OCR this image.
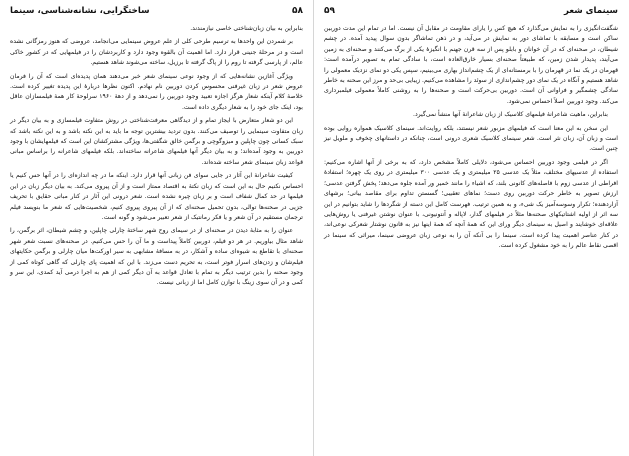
۵۸
ساختگرایی، نشانه‌شناسی، سینما

بنابراین به بیان زبان‌شناختی خاصی نیازمندند.

بر شمردن این واحدها به ترسیم طرحی کلی از علم عروض سینمایی می‌انجامد، عروضی که هنوز رمزگانی نشده است و در مرحلهٔ جنینی قرار دارد. اما اهمیت آن بالقوه وجود دارد و کاربردشان را در فیلمهایی که در کشور خاکی عالم، از پارسی گرفته تا روم را از پاگ گرفته تا برزیل، ساخته می‌شوند شاهد هستیم.

ویژگی آغازین نشانه‌هایی که از وجود نوعی سینمای شعر خبر می‌دهند همان پدیده‌ای است که آن را فرمان عروض شعر در زبان غیرفنی محسوس کردن دوربین نام نهادم. اکنون نظرها دربارهٔ این پدیده تغییر کرده است. خلاصهٔ کلام آینکه شعار هرگز اجازه تعبید وجود دوربین را نمی‌دهد و از دههٔ ۱۹۶۰ سرلوحهٔ کار همهٔ فیلمسازان عاقل بود، اینک جای خود را به شعار دیگری داده است.

این دو شعار متعارض با ایجاز تمام و از دیدگاهی معرفت‌شناختی در روش متفاوت فیلمسازی و به بیان دیگر در زبان متفاوت سینمایی را توصیف می‌کنند. بدون تردید بیشترین توجه ما باید به این نکته باشد و به این نکته باشد که سبک کسانی چون چاپلین و میزوگوچی و برگمن خالق شگفتی‌ها، ویژگی مشترکشان این است که فیلمهایشان با وجود دوربین به وجود آمده‌اند؛ و به بیان دیگر آنها فیلمهای شاعرانه ساخته‌اند. بلکه فیلمهای شاعرانه را براساس مبانی قواعد زبان سینمای شعر ساخته شده‌اند.

کیفیت شاعرانهٔ این آثار در جایی سوای فن زبانی آنها قرار دارد. اینکه ما در چه اندازه‌ای را در آنها حس کنیم یا احساس نکنیم حال به این است که زبان نکتهٔ به اقتصاد ممتاز است و از آن پیروی می‌کند. به بیان دیگر زبان در این فیلمها در حد کمال شفاف است و بر زبان چیره نشده است. شعر درونی این آثار در کنار مبانی حقایق با تحریف جزیی در صحنه‌ها توالی، بدون تحمیل صحنه‌ای که از آن پیروی پیروی کنیم، شخصیت‌هایی که شعر ما بنویسد فیلم ترجمان مستقیم در آن شعر و یا فکر رمانتیک از شعر تعبیر می‌شود و گونه است.

عنوان را به مثابهٔ دیدن در صحنه‌ای از در سیمای روح شهر ساختهٔ چارلی چاپلین، و چشم شیطان، اثر برگمن، را شاهد مثال بیاوریم. در هر دو فیلم، دوربین کاملاً پیداست و ما آن را حس می‌کنیم. در صحنه‌های نسبت شعر شهر صحنه‌ای با تقاطع به شیوه‌ای ساده و آشکار، در به مسافهٔ مشابهی به سیر اورکت‌ها میان چارلی و برگمن حکایتهای فیلم‌شان و زدن‌های اسرار فوتر است، به تحریم دست می‌زند. با این که اهمیت پای چارلی که گاهی کوتاه کمی از وجود صحنه را بدین ترتیب دیگر به تمام با تعادل قواعد به آن دیگر کمی از هم به اجرا درمی آید کمدی، این سر و کمی و در آن سوی زینگ با توازن کامل اما از زبانی نیست.

سینمای شعر
۵۹

شگفت‌انگیزی را به نمایش می‌گذارد که هیچ کس را یارای مقاومت در مقابل آن نیست. اما در تمام این مدت دوربین ساکن است و مسابقه با تماشای دور به نمایش در می‌آید، و در ذهن تماشاگر بدون سوال پیدید آمده. در چشم شیطان، در صحنه‌ای که در آن خوانان و بابلو پس از سه قرن جهنم با انگیزهٔ یکی از برگ می‌کنند و صحنه‌ای به زمین می‌آیند، پدیدار شدن زمین، که طبیعتاً صحنه‌ای بسیار خارق‌العاده است، با سادگی تمام به تصویر درآمده است: قهرمان در یک نما در قهرمان را با برمستانه‌ای از یک چشم‌انداز بهاری می‌بینیم، سپس یکی دو نمای نزدیک معمولی را شاهد هستیم و آنگاه در یک نمای دور چشم‌اندازی از سوئد را مشاهده می‌کنیم. زیبایی بی‌حد و مرز این صحنه به خاطر سادگی چشمگیر و فراوانی آن است. دوربین بی‌حرکت است و صحنه‌ها را به روشنی کاملاً معمولی فیلمبرداری می‌کند. وجود دوربین اصلاً احساس نمی‌شود.

بنابراین، ماهیت شاعرانهٔ فیلمهای کلاسیک از زبان شاعرانهٔ آنها منشأ نمی‌گیرد.

این سخن به این معنا است که فیلمهای مزبور شعر نیستند، بلکه روایت‌اند. سینمای کلاسیک همواره روایی بوده است و زبان آن، زبان نثر است. شعر سینمای کلاسیک شعری درونی است، چنانکه در داستانهای چخوف و ملویل نیز چنین است.

اگر در فیلمی وجود دوربین احساس می‌شود، دلایلی کاملاً مشخص دارد، که به برخی از آنها اشاره می‌کنیم: استفاده از عدسیهای مختلف، مثلاً یک عدسی ۲۵ میلیمتری و یک عدسی ۳۰۰ میلیمتری در روی یک چهره؛ استفادهٔ افراطی از عدسی زوم با فاصله‌های کانونی بلند، که اشیاء را مانند خمیر ور آمده جلوه می‌دهد؛ پخش گرفتن عدسی؛ ارزش تصویر به خاطر حرکت دوربین روی دست؛ نماهای تعقیبی؛ گسستن تداوم برای مقاصد بیانی؛ برشهای آزاردهنده؛ تکرار وسوسه‌آمیز یک شیء، و به همین ترتیب. فهرست کامل این دسته از شگردها را شاید بتوانیم در این سه اثر از اولیه اشتاتیکهای صحنه‌ها مثلاً در فیلمهای گدار، لاپاله و آنتونیونی، با عنوان نوشتن غیرفنی یا روش‌هایی علاقه‌ای خوشایند و اصیل به سینمای دیگر ورای این که همهٔ آنچه که همهٔ اینها نیز به قانون نوشتار شعرکی نوعی‌اند، در کنار عناصر اهمیت پیدا کرده است. سینما را بی آنکه آن را به نوعی زبان عروضی سینما، میراثی که سینما در اقصی نقاط عالم را به خود مشغول کرده است.
